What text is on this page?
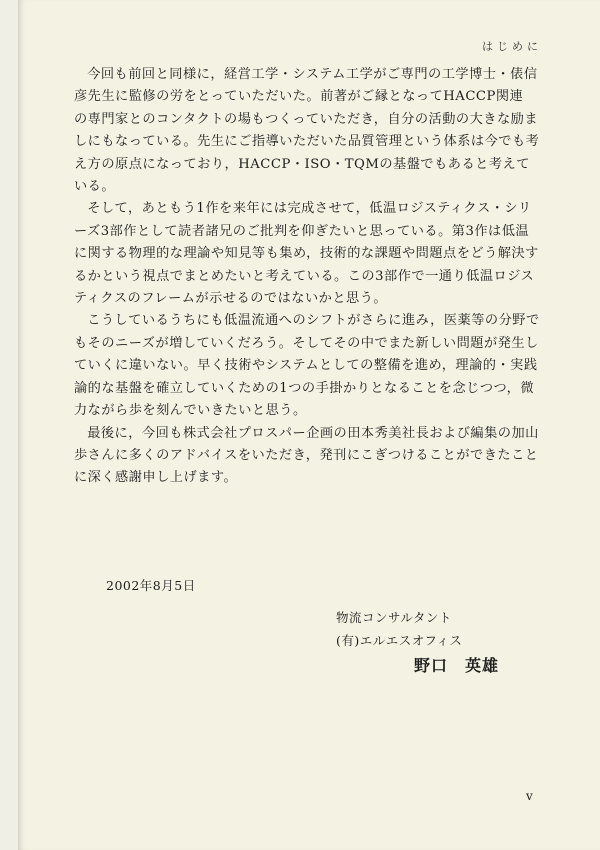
はじめに

今回も前回と同様に，経営工学・システム工学がご専門の工学博士・俵信
彦先生に監修の労をとっていただいた。前著がご縁となってHACCP関連
の専門家とのコンタクトの場もつくっていただき，自分の活動の大きな励ま
しにもなっている。先生にご指導いただいた品質管理という体系は今でも考
え方の原点になっており，HACCP・ISO・TQMの基盤でもあると考えて
いる。

そして，あともう1作を来年には完成させて，低温ロジスティクス・シリ
ーズ3部作として読者諸兄のご批判を仰ぎたいと思っている。第3作は低温
に関する物理的な理論や知見等も集め，技術的な課題や問題点をどう解決す
るかという視点でまとめたいと考えている。この3部作で一通り低温ロジス
ティクスのフレームが示せるのではないかと思う。

こうしているうちにも低温流通へのシフトがさらに進み，医薬等の分野で
もそのニーズが増していくだろう。そしてその中でまた新しい問題が発生し
ていくに違いない。早く技術やシステムとしての整備を進め，理論的・実践
論的な基盤を確立していくための1つの手掛かりとなることを念じつつ，微
力ながら歩を刻んでいきたいと思う。

最後に，今回も株式会社プロスパー企画の田本秀美社長および編集の加山
歩さんに多くのアドバイスをいただき，発刊にこぎつけることができたこと
に深く感謝申し上げます。

2002年8月5日
物流コンサルタント
(有)エルエスオフィス
野口　英雄
v
